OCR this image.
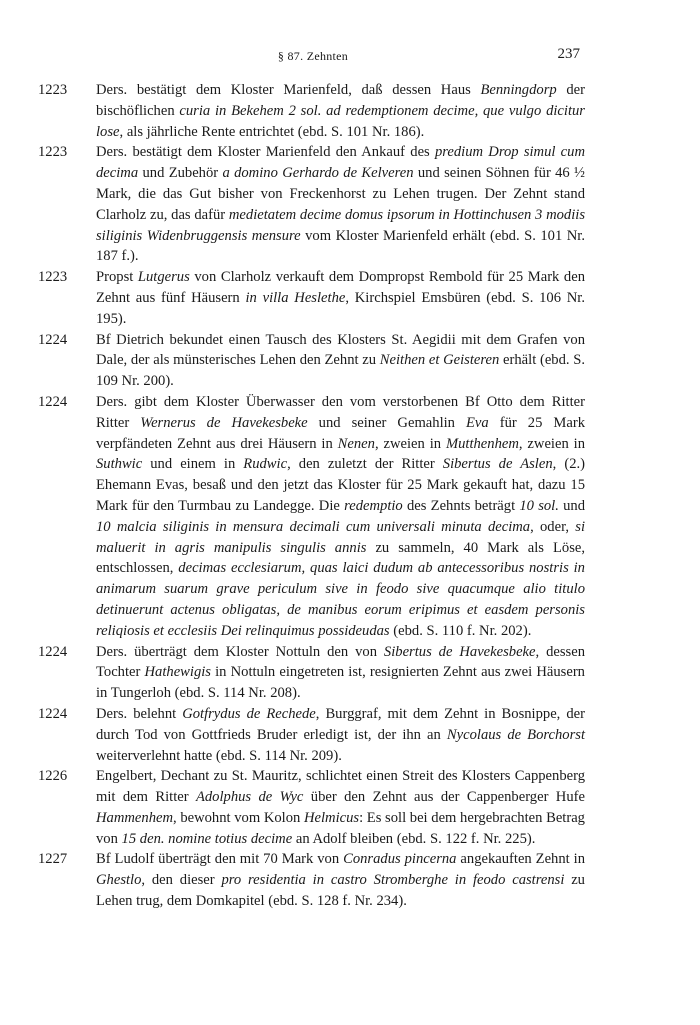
§ 87. Zehnten	237

1223	Ders. bestätigt dem Kloster Marienfeld, daß dessen Haus Benningdorp der bischöflichen curia in Bekehem 2 sol. ad redemptionem decime, que vulgo dicitur lose, als jährliche Rente entrichtet (ebd. S. 101 Nr. 186).

1223	Ders. bestätigt dem Kloster Marienfeld den Ankauf des predium Drop simul cum decima und Zubehör a domino Gerhardo de Kelveren und seinen Söhnen für 46 ½ Mark, die das Gut bisher von Freckenhorst zu Lehen trugen. Der Zehnt stand Clarholz zu, das dafür medietatem decime domus ipsorum in Hottinchusen 3 modiis siliginis Widenbruggensis mensure vom Kloster Marienfeld erhält (ebd. S. 101 Nr. 187 f.).

1223	Propst Lutgerus von Clarholz verkauft dem Dompropst Rembold für 25 Mark den Zehnt aus fünf Häusern in villa Heslethe, Kirchspiel Emsbüren (ebd. S. 106 Nr. 195).

1224	Bf Dietrich bekundet einen Tausch des Klosters St. Aegidii mit dem Grafen von Dale, der als münsterisches Lehen den Zehnt zu Neithen et Geisteren erhält (ebd. S. 109 Nr. 200).

1224	Ders. gibt dem Kloster Überwasser den vom verstorbenen Bf Otto dem Ritter Ritter Wernerus de Havekesbeke und seiner Gemahlin Eva für 25 Mark verpfändeten Zehnt aus drei Häusern in Nenen, zweien in Mutthenhem, zweien in Suthwic und einem in Rudwic, den zuletzt der Ritter Sibertus de Aslen, (2.) Ehemann Evas, besaß und den jetzt das Kloster für 25 Mark gekauft hat, dazu 15 Mark für den Turmbau zu Landegge. Die redemptio des Zehnts beträgt 10 sol. und 10 malcia siliginis in mensura decimali cum universali minuta decima, oder, si maluerit in agris manipulis singulis annis zu sammeln, 40 Mark als Löse, entschlossen, decimas ecclesiarum, quas laici dudum ab antecessoribus nostris in animarum suarum grave periculum sive in feodo sive quacumque alio titulo detinuerunt actenus obligatas, de manibus eorum eripimus et easdem personis reliqiosis et ecclesiis Dei relinquimus possideudas (ebd. S. 110 f. Nr. 202).

1224	Ders. überträgt dem Kloster Nottuln den von Sibertus de Havekesbeke, dessen Tochter Hathewigis in Nottuln eingetreten ist, resignierten Zehnt aus zwei Häusern in Tungerloh (ebd. S. 114 Nr. 208).

1224	Ders. belehnt Gotfrydus de Rechede, Burggraf, mit dem Zehnt in Bosnippe, der durch Tod von Gottfrieds Bruder erledigt ist, der ihn an Nycolaus de Borchorst weiterverlehnt hatte (ebd. S. 114 Nr. 209).

1226	Engelbert, Dechant zu St. Mauritz, schlichtet einen Streit des Klosters Cappenberg mit dem Ritter Adolphus de Wyc über den Zehnt aus der Cappenberger Hufe Hammenhem, bewohnt vom Kolon Helmicus: Es soll bei dem hergebrachten Betrag von 15 den. nomine totius decime an Adolf bleiben (ebd. S. 122 f. Nr. 225).

1227	Bf Ludolf überträgt den mit 70 Mark von Conradus pincerna angekauften Zehnt in Ghestlo, den dieser pro residentia in castro Stromberghe in feodo castrensi zu Lehen trug, dem Domkapitel (ebd. S. 128 f. Nr. 234).
